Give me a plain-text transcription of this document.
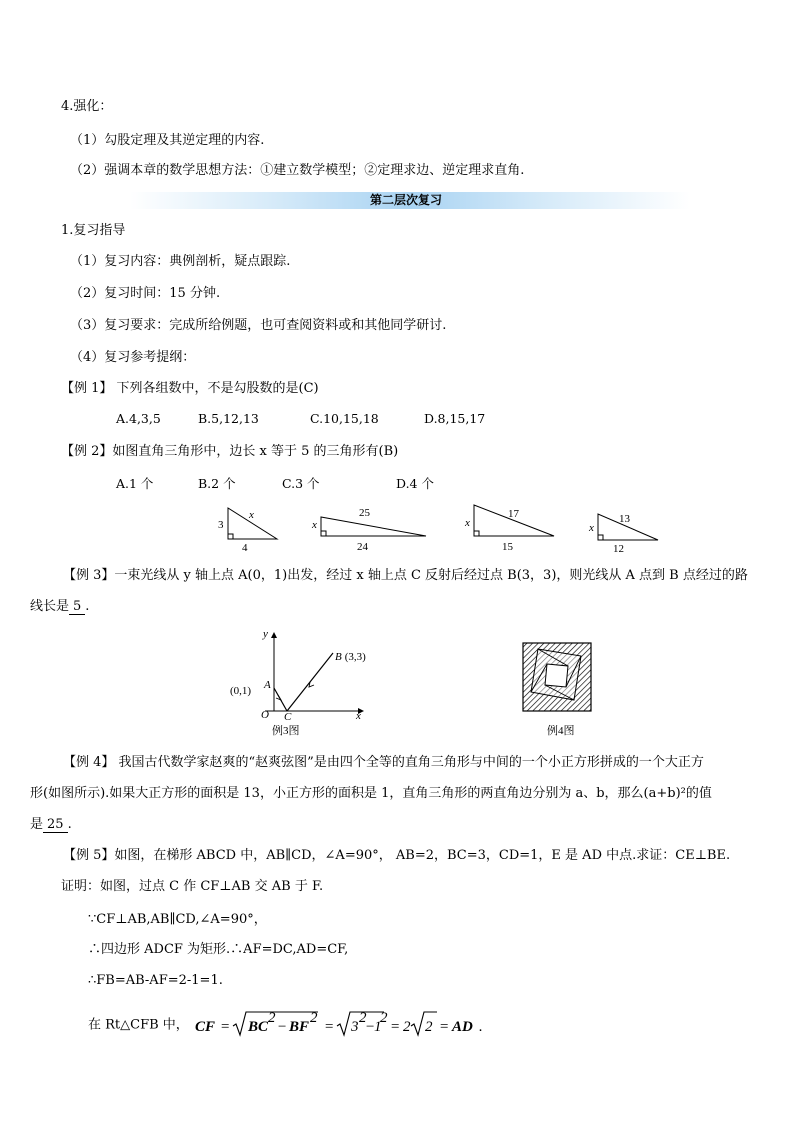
4.强化：
（1）勾股定理及其逆定理的内容.
（2）强调本章的数学思想方法：①建立数学模型；②定理求边、逆定理求直角.
第二层次复习
1.复习指导
（1）复习内容：典例剖析，疑点跟踪.
（2）复习时间：15 分钟.
（3）复习要求：完成所给例题，也可查阅资料或和其他同学研讨.
（4）复习参考提纲：
【例 1】 下列各组数中，不是勾股数的是(C)
A.4,3,5	B.5,12,13	C.10,15,18	D.8,15,17
【例 2】如图直角三角形中，边长 x 等于 5 的三角形有(B)
A.1 个	B.2 个	C.3 个	D.4 个
3
x
4
x
25
24
x
17
15
x
13
12
【例 3】一束光线从 y 轴上点 A(0，1)出发，经过 x 轴上点 C 反射后经过点 B(3，3)，则光线从 A 点到 B 点经过的路
线长是 5 .
y
x
O
A
C
B (3,3)
(0,1)
例3图	例4图
【例 4】 我国古代数学家赵爽的“赵爽弦图”是由四个全等的直角三角形与中间的一个小正方形拼成的一个大正方
形(如图所示).如果大正方形的面积是 13，小正方形的面积是 1，直角三角形的两直角边分别为 a、b，那么(a+b)²的值
是 25 .
【例 5】如图，在梯形 ABCD 中，AB∥CD，∠A=90°， AB=2，BC=3，CD=1，E 是 AD 中点.求证：CE⊥BE.
证明：如图，过点 C 作 CF⊥AB 交 AB 于 F.
∵CF⊥AB,AB∥CD,∠A=90°，
∴四边形 ADCF 为矩形.∴AF=DC,AD=CF,
∴FB=AB-AF=2-1=1.
在 Rt△CFB 中， CF = BC
2
− BF
2
= 3
2
−
1
2
= 2 2 = AD .
